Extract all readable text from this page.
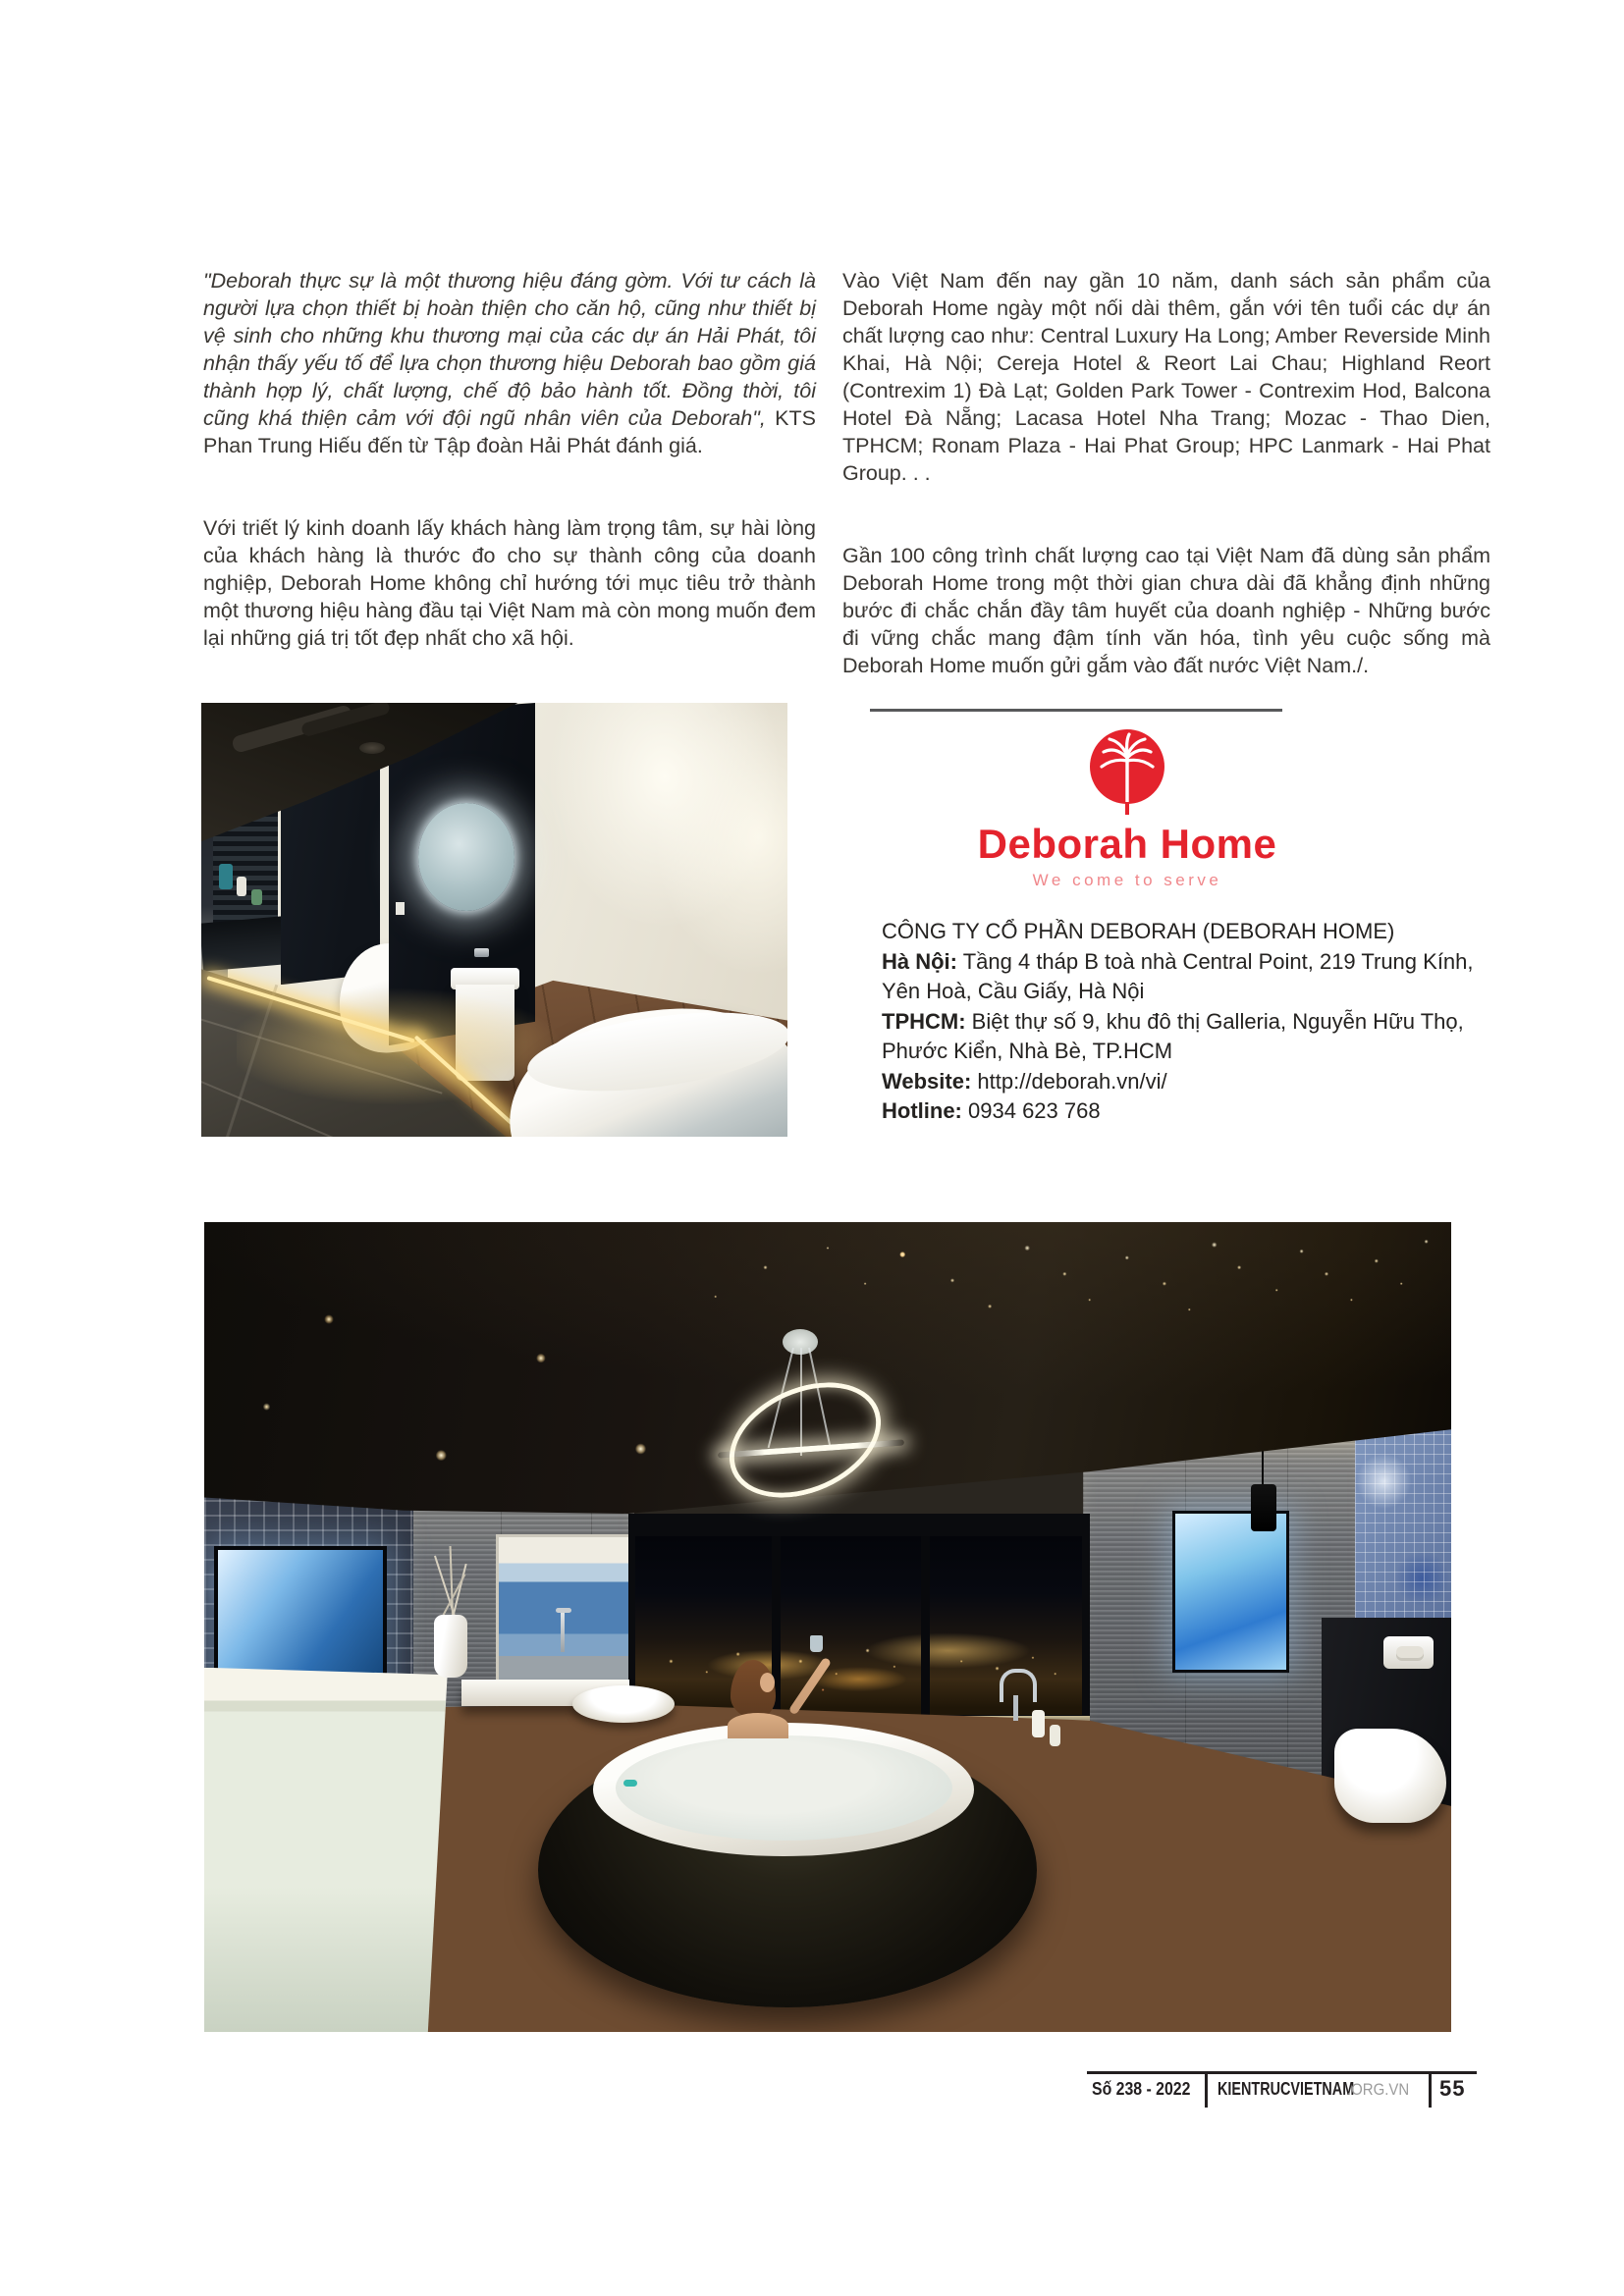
"Deborah thực sự là một thương hiệu đáng gờm. Với tư cách là người lựa chọn thiết bị hoàn thiện cho căn hộ, cũng như thiết bị vệ sinh cho những khu thương mại của các dự án Hải Phát, tôi nhận thấy yếu tố để lựa chọn thương hiệu Deborah bao gồm giá thành hợp lý, chất lượng, chế độ bảo hành tốt. Đồng thời, tôi cũng khá thiện cảm với đội ngũ nhân viên của Deborah", KTS Phan Trung Hiếu đến từ Tập đoàn Hải Phát đánh giá.
Với triết lý kinh doanh lấy khách hàng làm trọng tâm, sự hài lòng của khách hàng là thước đo cho sự thành công của doanh nghiệp, Deborah Home không chỉ hướng tới mục tiêu trở thành một thương hiệu hàng đầu tại Việt Nam mà còn mong muốn đem lại những giá trị tốt đẹp nhất cho xã hội.
Vào Việt Nam đến nay gần 10 năm, danh sách sản phẩm của Deborah Home ngày một nối dài thêm, gắn với tên tuổi các dự án chất lượng cao như: Central Luxury Ha Long; Amber Reverside Minh Khai, Hà Nội; Cereja Hotel & Reort Lai Chau; Highland Reort (Contrexim 1) Đà Lạt; Golden Park Tower - Contrexim Hod, Balcona Hotel Đà Nẵng; Lacasa Hotel Nha Trang; Mozac - Thao Dien, TPHCM; Ronam Plaza - Hai Phat Group; HPC Lanmark - Hai Phat Group. . .
Gần 100 công trình chất lượng cao tại Việt Nam đã dùng sản phẩm Deborah Home trong một thời gian chưa dài đã khẳng định những bước đi chắc chắn đầy tâm huyết của doanh nghiệp - Những bước đi vững chắc mang đậm tính văn hóa, tình yêu cuộc sống mà Deborah Home muốn gửi gắm vào đất nước Việt Nam./.
Deborah Home
We come to serve
CÔNG TY CỔ PHẦN DEBORAH (DEBORAH HOME)
Hà Nội: Tầng 4 tháp B toà nhà Central Point, 219 Trung Kính,
Yên Hoà, Cầu Giấy, Hà Nội
TPHCM: Biệt thự số 9, khu đô thị Galleria, Nguyễn Hữu Thọ,
Phước Kiển, Nhà Bè, TP.HCM
Website: http://deborah.vn/vi/
Hotline: 0934 623 768
Số 238 - 2022 KIENTRUCVIETNAM
.ORG.VN 55
